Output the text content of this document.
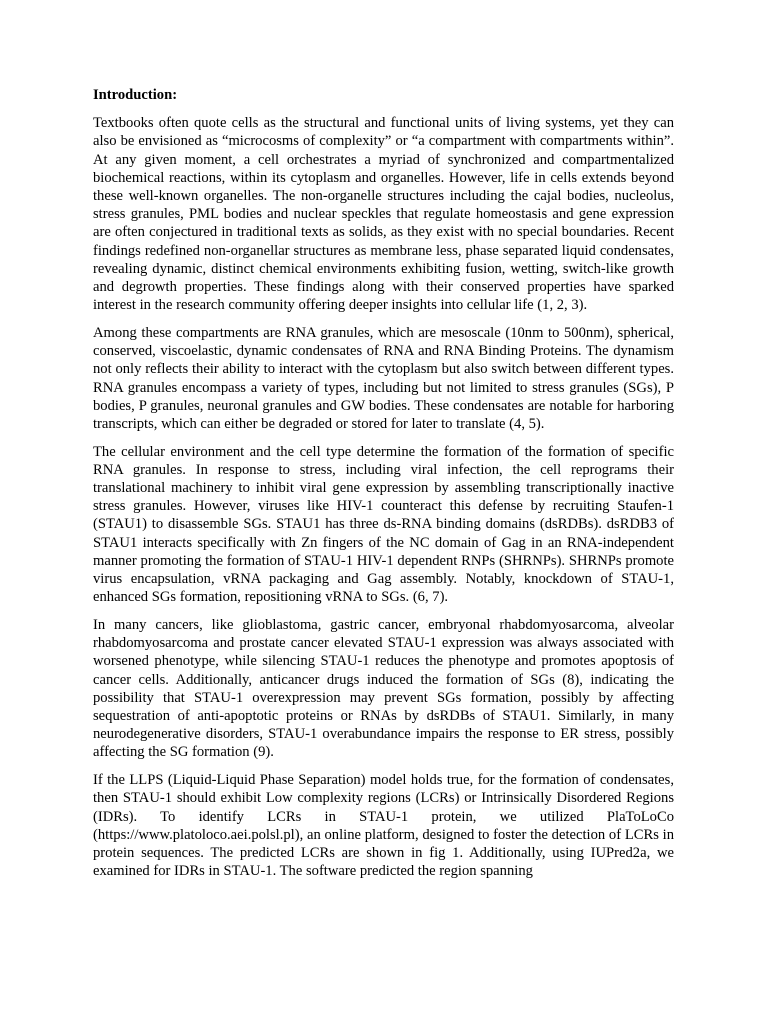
Introduction:

Textbooks often quote cells as the structural and functional units of living systems, yet they can also be envisioned as “microcosms of complexity” or “a compartment with compartments within”. At any given moment, a cell orchestrates a myriad of synchronized and compartmentalized biochemical reactions, within its cytoplasm and organelles. However, life in cells extends beyond these well-known organelles. The non-organelle structures including the cajal bodies, nucleolus, stress granules, PML bodies and nuclear speckles that regulate homeostasis and gene expression are often conjectured in traditional texts as solids, as they exist with no special boundaries. Recent findings redefined non-organellar structures as membrane less, phase separated liquid condensates, revealing dynamic, distinct chemical environments exhibiting fusion, wetting, switch-like growth and degrowth properties. These findings along with their conserved properties have sparked interest in the research community offering deeper insights into cellular life (1, 2, 3).

Among these compartments are RNA granules, which are mesoscale (10nm to 500nm), spherical, conserved, viscoelastic, dynamic condensates of RNA and RNA Binding Proteins. The dynamism not only reflects their ability to interact with the cytoplasm but also switch between different types. RNA granules encompass a variety of types, including but not limited to stress granules (SGs), P bodies, P granules, neuronal granules and GW bodies. These condensates are notable for harboring transcripts, which can either be degraded or stored for later to translate (4, 5).

The cellular environment and the cell type determine the formation of the formation of specific RNA granules. In response to stress, including viral infection, the cell reprograms their translational machinery to inhibit viral gene expression by assembling transcriptionally inactive stress granules. However, viruses like HIV-1 counteract this defense by recruiting Staufen-1 (STAU1) to disassemble SGs. STAU1 has three ds-RNA binding domains (dsRDBs). dsRDB3 of STAU1 interacts specifically with Zn fingers of the NC domain of Gag in an RNA-independent manner promoting the formation of STAU-1 HIV-1 dependent RNPs (SHRNPs). SHRNPs promote virus encapsulation, vRNA packaging and Gag assembly. Notably, knockdown of STAU-1, enhanced SGs formation, repositioning vRNA to SGs. (6, 7).

In many cancers, like glioblastoma, gastric cancer, embryonal rhabdomyosarcoma, alveolar rhabdomyosarcoma and prostate cancer elevated STAU-1 expression was always associated with worsened phenotype, while silencing STAU-1 reduces the phenotype and promotes apoptosis of cancer cells. Additionally, anticancer drugs induced the formation of SGs (8), indicating the possibility that STAU-1 overexpression may prevent SGs formation, possibly by affecting sequestration of anti-apoptotic proteins or RNAs by dsRDBs of STAU1. Similarly, in many neurodegenerative disorders, STAU-1 overabundance impairs the response to ER stress, possibly affecting the SG formation (9).

If the LLPS (Liquid-Liquid Phase Separation) model holds true, for the formation of condensates, then STAU-1 should exhibit Low complexity regions (LCRs) or Intrinsically Disordered Regions (IDRs). To identify LCRs in STAU-1 protein, we utilized PlaToLoCo (https://www.platoloco.aei.polsl.pl), an online platform, designed to foster the detection of LCRs in protein sequences. The predicted LCRs are shown in fig 1. Additionally, using IUPred2a, we examined for IDRs in STAU-1. The software predicted the region spanning
